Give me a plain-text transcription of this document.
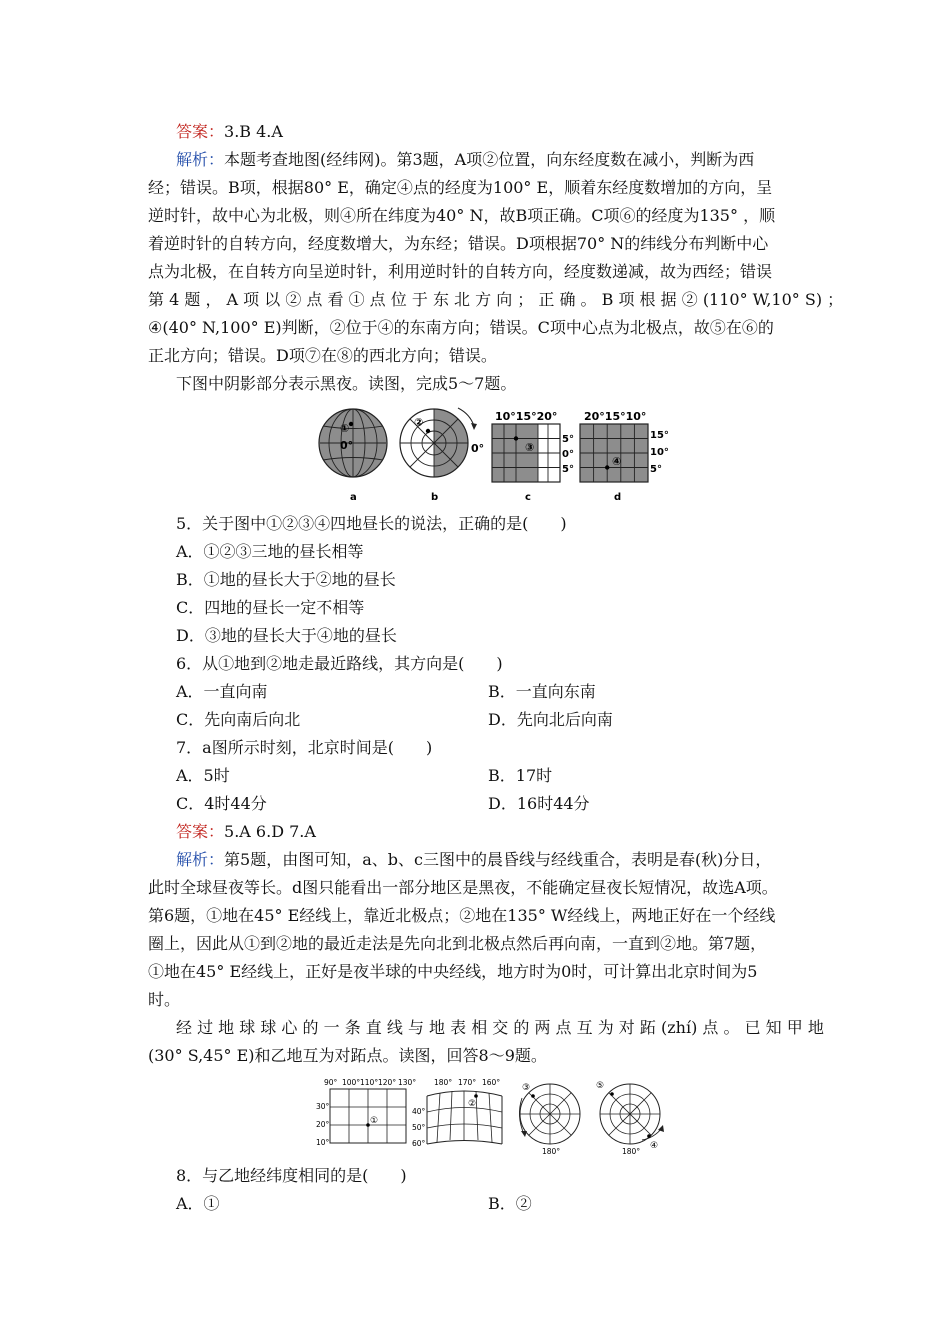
答案：3.B 4.A
解析：本题考查地图(经纬网)。第3题，A项②位置，向东经度数在减小，判断为西
经；错误。B项，根据80° E，确定④点的经度为100° E，顺着东经度数增加的方向，呈
逆时针，故中心为北极，则④所在纬度为40° N，故B项正确。C项⑥的经度为135° ，顺
着逆时针的自转方向，经度数增大，为东经；错误。D项根据70° N的纬线分布判断中心
点为北极，在自转方向呈逆时针，利用逆时针的自转方向，经度数递减，故为西经；错误
第 4 题 ， A 项 以 ② 点 看 ① 点 位 于 东 北 方 向 ； 正 确 。 B 项 根 据 ② (110° W,10° S) ；
④(40° N,100° E)判断，②位于④的东南方向；错误。C项中心点为北极点，故⑤在⑥的
正北方向；错误。D项⑦在⑧的西北方向；错误。
下图中阴影部分表示黑夜。读图，完成5～7题。
①
0°
a
②
0°
b
10°15°20°
③
5°
0°
5°
c
20°15°10°
④
15°
10°
5°
d
5．关于图中①②③④四地昼长的说法，正确的是(　　)
A．①②③三地的昼长相等
B．①地的昼长大于②地的昼长
C．四地的昼长一定不相等
D．③地的昼长大于④地的昼长
6．从①地到②地走最近路线，其方向是(　　)
A．一直向南	B．一直向东南
C．先向南后向北	D．先向北后向南
7．a图所示时刻，北京时间是(　　)
A．5时	B．17时
C．4时44分	D．16时44分
答案：5.A 6.D 7.A
解析：第5题，由图可知，a、b、c三图中的晨昏线与经线重合，表明是春(秋)分日，
此时全球昼夜等长。d图只能看出一部分地区是黑夜，不能确定昼夜长短情况，故选A项。
第6题，①地在45° E经线上，靠近北极点；②地在135° W经线上，两地正好在一个经线
圈上，因此从①到②地的最近走法是先向北到北极点然后再向南，一直到②地。第7题，
①地在45° E经线上，正好是夜半球的中央经线，地方时为0时，可计算出北京时间为5
时。
经 过 地 球 球 心 的 一 条 直 线 与 地 表 相 交 的 两 点 互 为 对 跖 (zhí) 点 。 已 知 甲 地
(30° S,45° E)和乙地互为对跖点。读图，回答8～9题。
90° 100° 110° 120° 130°
30°
20°
10°
①
180° 170° 160°
40°
50°
60°
②
③
180°
⑤
④
180°
8．与乙地经纬度相同的是(　　)
A．①	B．②
